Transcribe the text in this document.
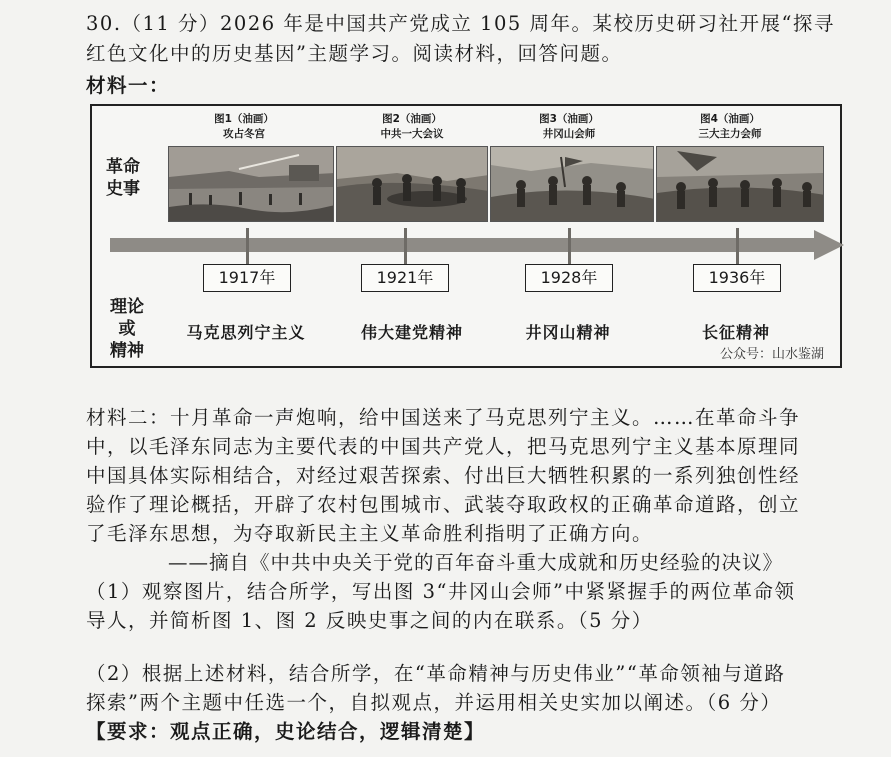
30.（11 分）2026 年是中国共产党成立 105 周年。某校历史研习社开展“探寻
红色文化中的历史基因”主题学习。阅读材料，回答问题。
材料一：
革命
史事
理论
或
精神
图1（油画）
攻占冬宫
图2（油画）
中共一大会议
图3（油画）
井冈山会师
图4（油画）
三大主力会师
1917年	1921年	1928年	1936年
马克思列宁主义	伟大建党精神	井冈山精神	长征精神
公众号：山水鉴湖
材料二：十月革命一声炮响，给中国送来了马克思列宁主义。……在革命斗争
中，以毛泽东同志为主要代表的中国共产党人，把马克思列宁主义基本原理同
中国具体实际相结合，对经过艰苦探索、付出巨大牺牲积累的一系列独创性经
验作了理论概括，开辟了农村包围城市、武装夺取政权的正确革命道路，创立
了毛泽东思想，为夺取新民主主义革命胜利指明了正确方向。
——摘自《中共中央关于党的百年奋斗重大成就和历史经验的决议》
（1）观察图片，结合所学，写出图 3“井冈山会师”中紧紧握手的两位革命领
导人，并简析图 1、图 2 反映史事之间的内在联系。（5 分）
（2）根据上述材料，结合所学，在“革命精神与历史伟业”“革命领袖与道路
探索”两个主题中任选一个，自拟观点，并运用相关史实加以阐述。（6 分）
【要求：观点正确，史论结合，逻辑清楚】
